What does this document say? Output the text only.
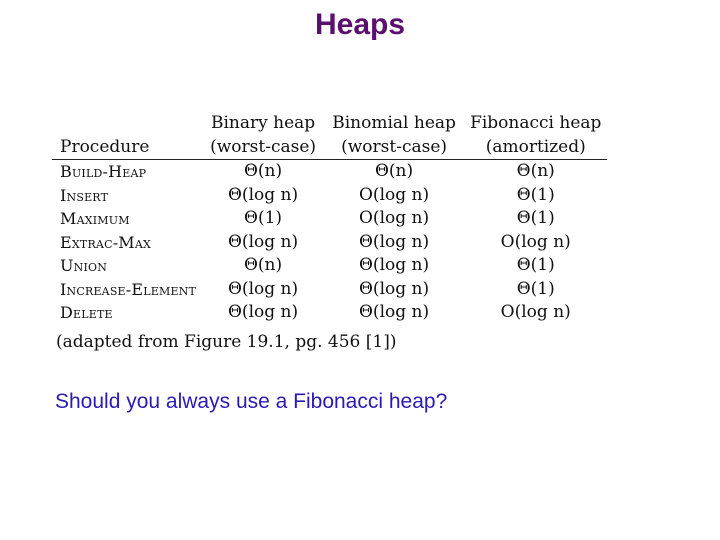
Heaps
	Binary heap	Binomial heap	Fibonacci heap
Procedure	(worst-case)	(worst-case)	(amortized)
Build-Heap	Θ(n)	Θ(n)	Θ(n)
Insert	Θ(log n)	O(log n)	Θ(1)
Maximum	Θ(1)	O(log n)	Θ(1)
Extrac-Max	Θ(log n)	Θ(log n)	O(log n)
Union	Θ(n)	Θ(log n)	Θ(1)
Increase-Element	Θ(log n)	Θ(log n)	Θ(1)
Delete	Θ(log n)	Θ(log n)	O(log n)
(adapted from Figure 19.1, pg. 456 [1])
Should you always use a Fibonacci heap?
